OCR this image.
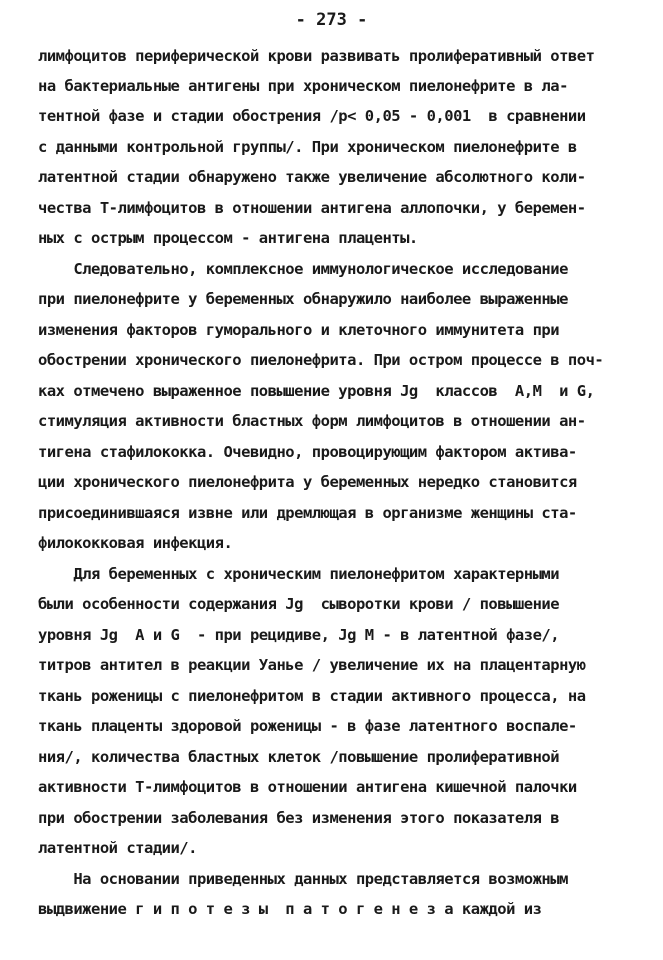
- 273 -
лимфоцитов периферической крови развивать пролиферативный ответ
на бактериальные антигены при хроническом пиелонефрите в ла-
тентной фазе и стадии обострения /р< 0,05 - 0,001  в сравнении
с данными контрольной группы/. При хроническом пиелонефрите в
латентной стадии обнаружено также увеличение абсолютного коли-
чества Т-лимфоцитов в отношении антигена аллопочки, у беремен-
ных с острым процессом - антигена плаценты.
Следовательно, комплексное иммунологическое исследование
при пиелонефрите у беременных обнаружило наиболее выраженные
изменения факторов гуморального и клеточного иммунитета при
обострении хронического пиелонефрита. При остром процессе в поч-
ках отмечено выраженное повышение уровня Jg  классов  А,М  и G,
стимуляция активности бластных форм лимфоцитов в отношении ан-
тигена стафилококка. Очевидно, провоцирующим фактором активa-
ции хронического пиелонефрита у беременных нередко становится
присоединившаяся извне или дремлющая в организме женщины ста-
филококковая инфекция.
Для беременных с хроническим пиелонефритом характерными
были особенности содержания Jg  сыворотки крови / повышение
уровня Jg  А и G  - при рецидиве, Jg М - в латентной фазе/,
титров антител в реакции Уанье / увеличение их на плацентарную
ткань роженицы с пиелонефритом в стадии активного процесса, на
ткань плаценты здоровой роженицы - в фазе латентного воспале-
ния/, количества бластных клеток /повышение пролиферативной
активности Т-лимфоцитов в отношении антигена кишечной палочки
при обострении заболевания без изменения этого показателя в
латентной стадии/.
На основании приведенных данных представляется возможным
выдвижение г и п о т е з ы  п а т о г е н е з а каждой из
